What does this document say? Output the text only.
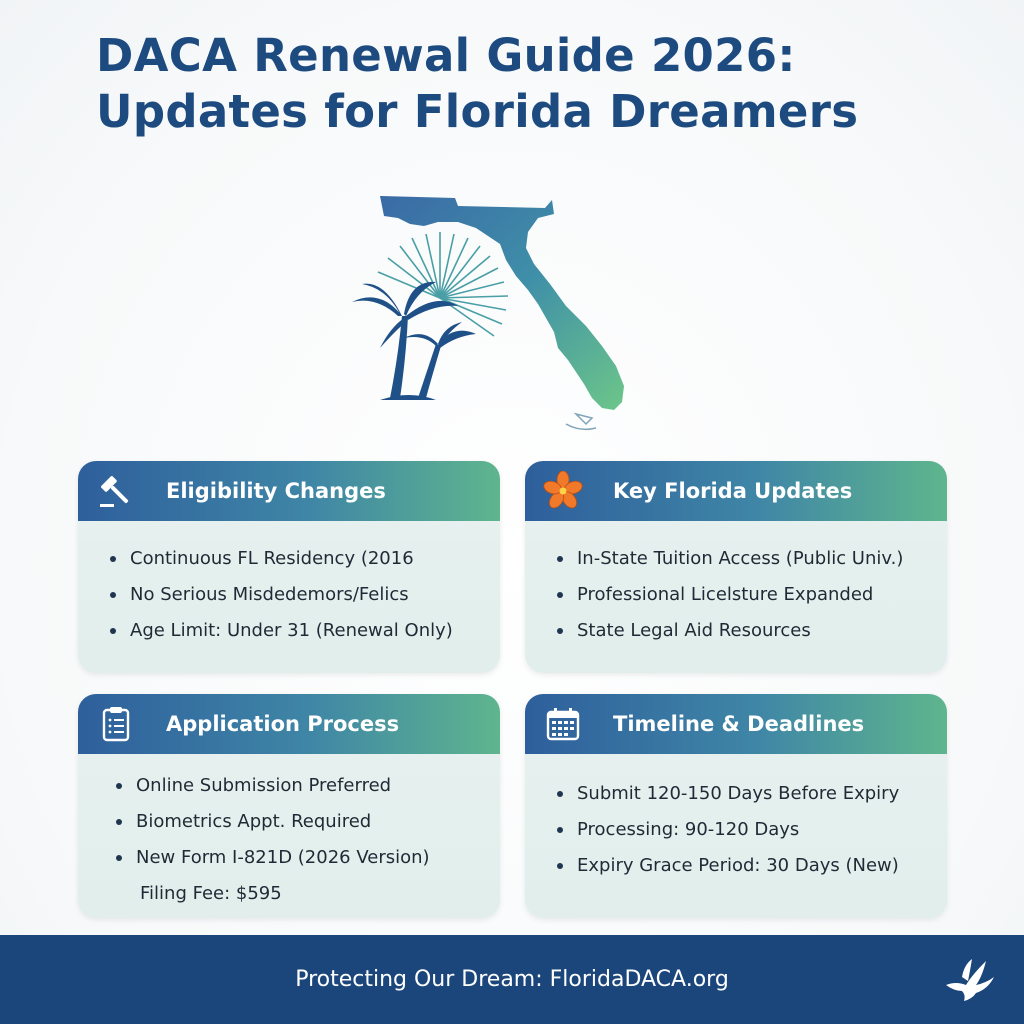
DACA Renewal Guide 2026:
Updates for Florida Dreamers
Eligibility Changes
Continuous FL Residency (2016
No Serious Misdedemors/Felics
Age Limit: Under 31 (Renewal Only)
Key Florida Updates
In-State Tuition Access (Public Univ.)
Professional Licelsture Expanded
State Legal Aid Resources
Application Process
Online Submission Preferred
Biometrics Appt. Required
New Form I-821D (2026 Version)
Filing Fee: $595
Timeline & Deadlines
Submit 120-150 Days Before Expiry
Processing: 90-120 Days
Expiry Grace Period: 30 Days (New)
Protecting Our Dream: FloridaDACA.org
